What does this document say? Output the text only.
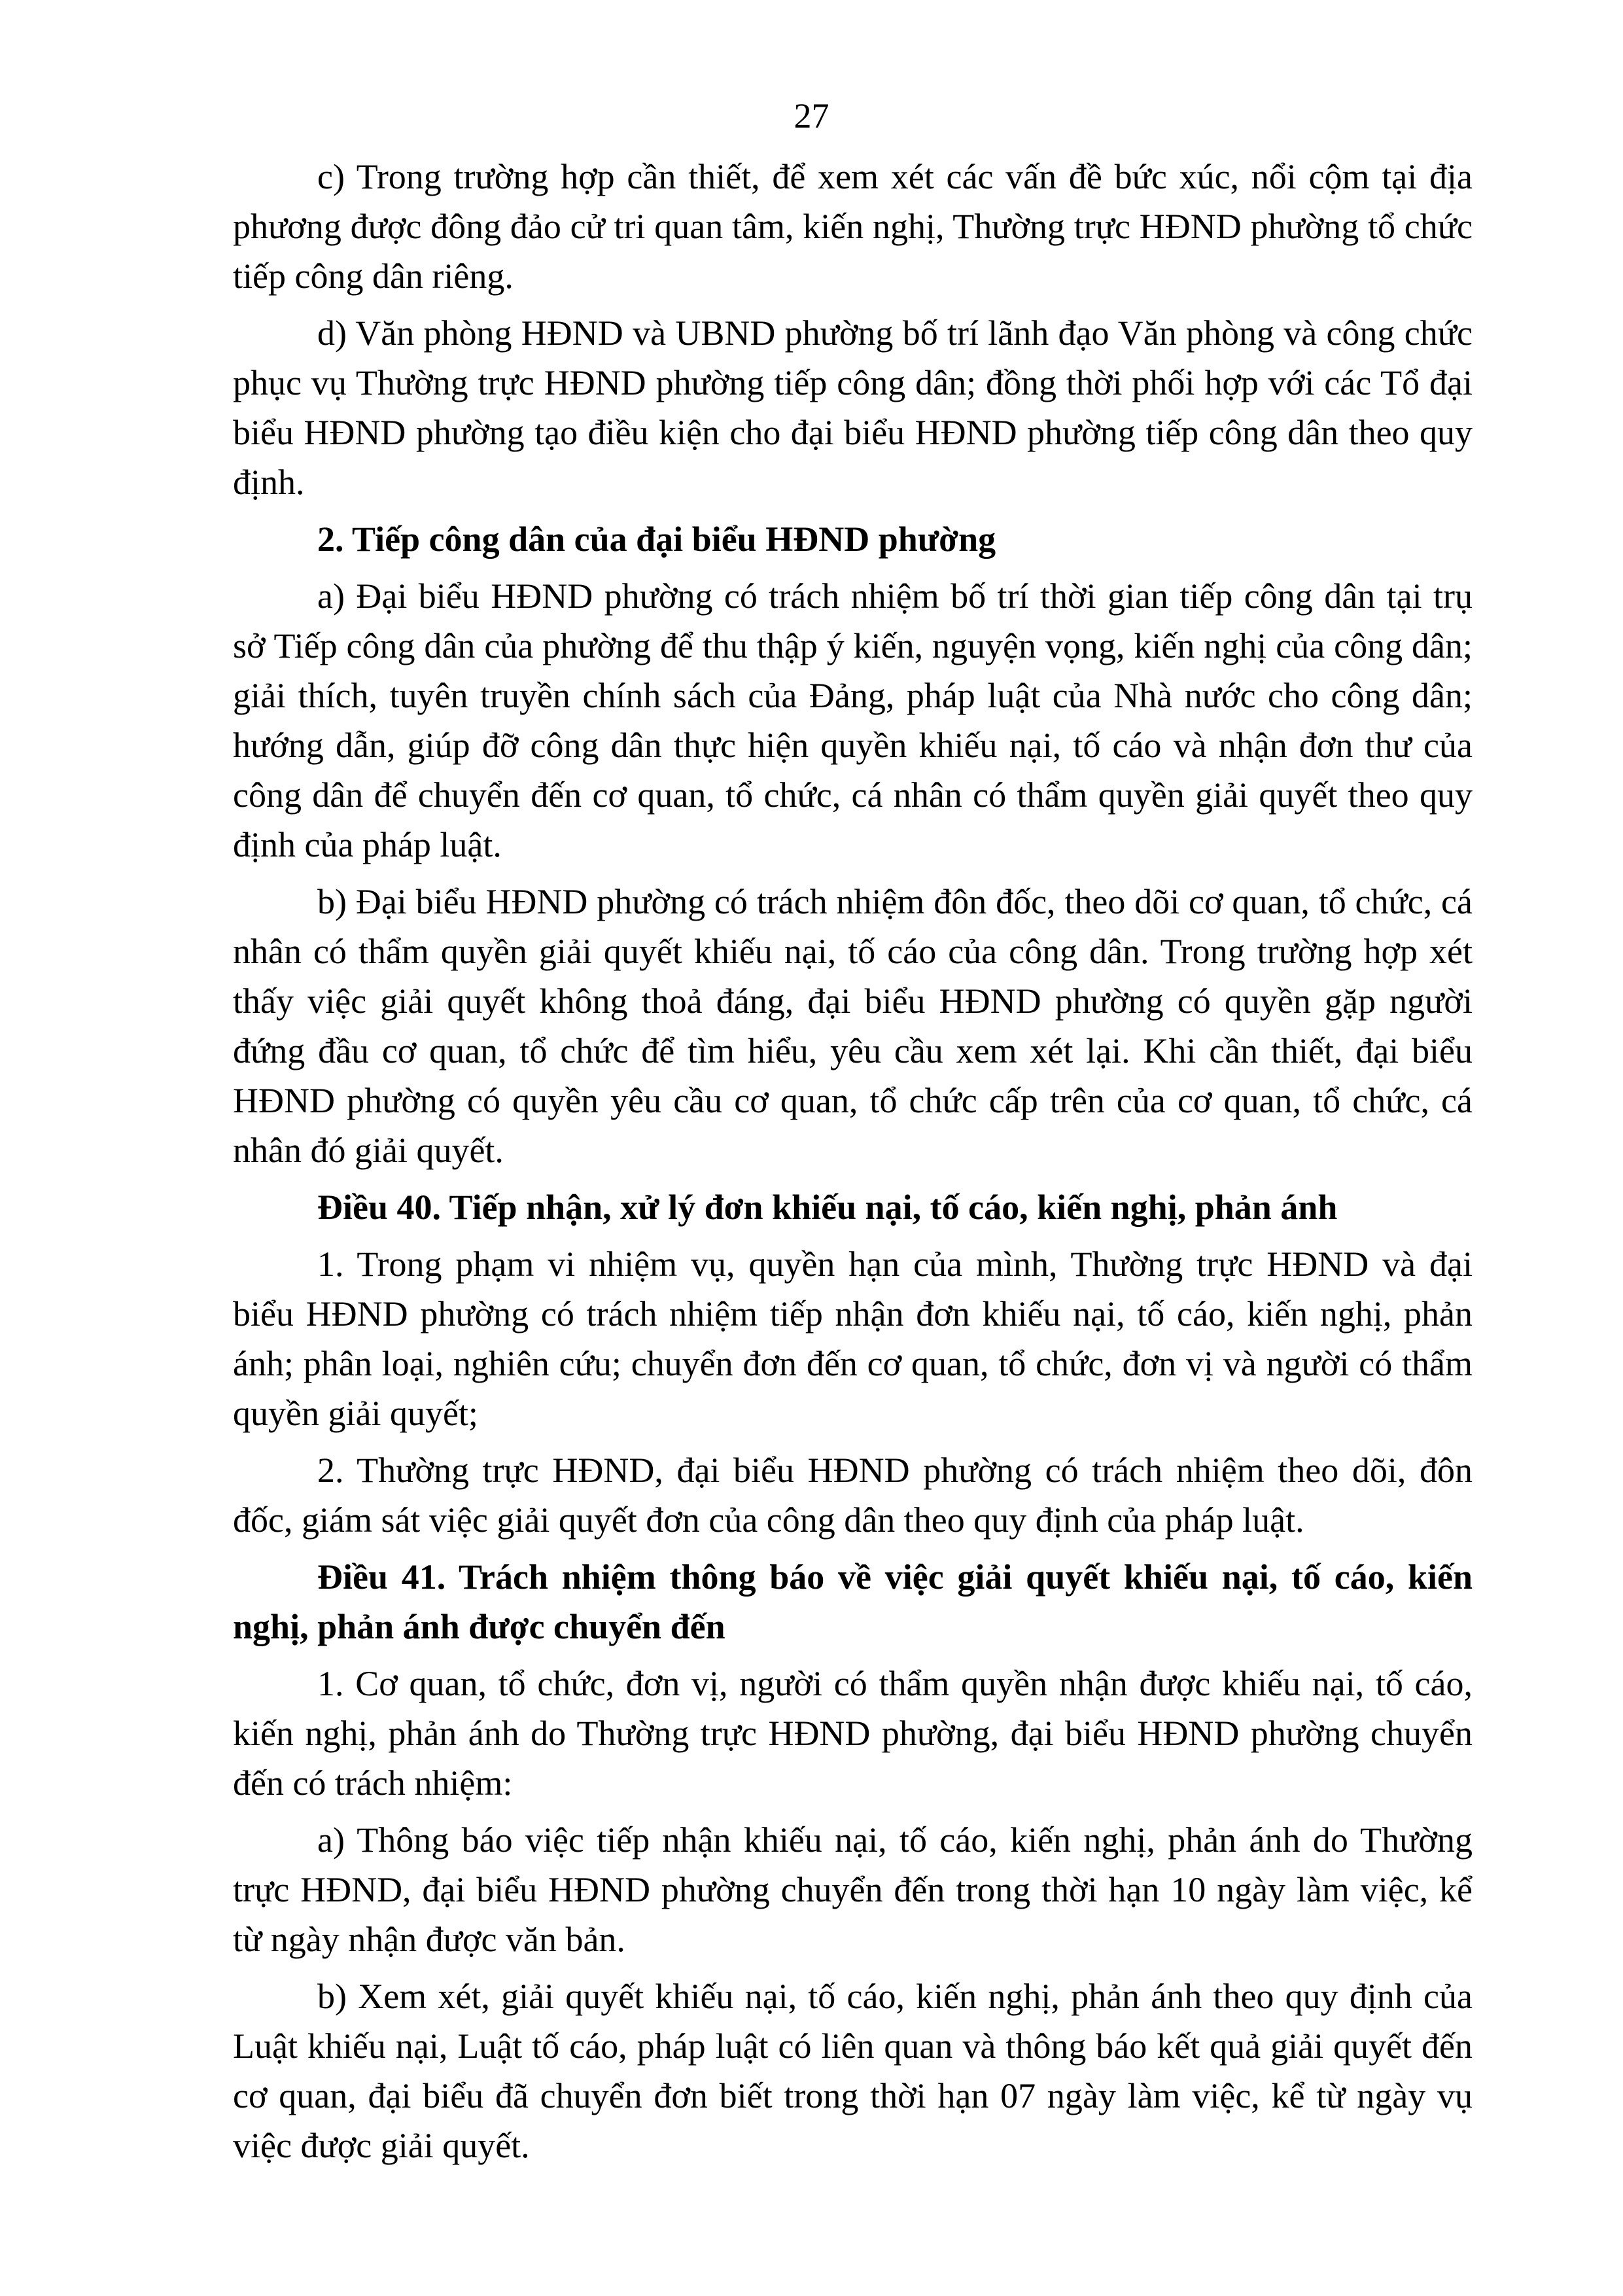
27

c) Trong trường hợp cần thiết, để xem xét các vấn đề bức xúc, nổi cộm tại địa phương được đông đảo cử tri quan tâm, kiến nghị, Thường trực HĐND phường tổ chức tiếp công dân riêng.

d) Văn phòng HĐND và UBND phường bố trí lãnh đạo Văn phòng và công chức phục vụ Thường trực HĐND phường tiếp công dân; đồng thời phối hợp với các Tổ đại biểu HĐND phường tạo điều kiện cho đại biểu HĐND phường tiếp công dân theo quy định.

2. Tiếp công dân của đại biểu HĐND phường

a) Đại biểu HĐND phường có trách nhiệm bố trí thời gian tiếp công dân tại trụ sở Tiếp công dân của phường để thu thập ý kiến, nguyện vọng, kiến nghị của công dân; giải thích, tuyên truyền chính sách của Đảng, pháp luật của Nhà nước cho công dân; hướng dẫn, giúp đỡ công dân thực hiện quyền khiếu nại, tố cáo và nhận đơn thư của công dân để chuyển đến cơ quan, tổ chức, cá nhân có thẩm quyền giải quyết theo quy định của pháp luật.

b) Đại biểu HĐND phường có trách nhiệm đôn đốc, theo dõi cơ quan, tổ chức, cá nhân có thẩm quyền giải quyết khiếu nại, tố cáo của công dân. Trong trường hợp xét thấy việc giải quyết không thoả đáng, đại biểu HĐND phường có quyền gặp người đứng đầu cơ quan, tổ chức để tìm hiểu, yêu cầu xem xét lại. Khi cần thiết, đại biểu HĐND phường có quyền yêu cầu cơ quan, tổ chức cấp trên của cơ quan, tổ chức, cá nhân đó giải quyết.

Điều 40. Tiếp nhận, xử lý đơn khiếu nại, tố cáo, kiến nghị, phản ánh

1. Trong phạm vi nhiệm vụ, quyền hạn của mình, Thường trực HĐND và đại biểu HĐND phường có trách nhiệm tiếp nhận đơn khiếu nại, tố cáo, kiến nghị, phản ánh; phân loại, nghiên cứu; chuyển đơn đến cơ quan, tổ chức, đơn vị và người có thẩm quyền giải quyết;

2. Thường trực HĐND, đại biểu HĐND phường có trách nhiệm theo dõi, đôn đốc, giám sát việc giải quyết đơn của công dân theo quy định của pháp luật.

Điều 41. Trách nhiệm thông báo về việc giải quyết khiếu nại, tố cáo, kiến nghị, phản ánh được chuyển đến

1. Cơ quan, tổ chức, đơn vị, người có thẩm quyền nhận được khiếu nại, tố cáo, kiến nghị, phản ánh do Thường trực HĐND phường, đại biểu HĐND phường chuyển đến có trách nhiệm:

a) Thông báo việc tiếp nhận khiếu nại, tố cáo, kiến nghị, phản ánh do Thường trực HĐND, đại biểu HĐND phường chuyển đến trong thời hạn 10 ngày làm việc, kể từ ngày nhận được văn bản.

b) Xem xét, giải quyết khiếu nại, tố cáo, kiến nghị, phản ánh theo quy định của Luật khiếu nại, Luật tố cáo, pháp luật có liên quan và thông báo kết quả giải quyết đến cơ quan, đại biểu đã chuyển đơn biết trong thời hạn 07 ngày làm việc, kể từ ngày vụ việc được giải quyết.
